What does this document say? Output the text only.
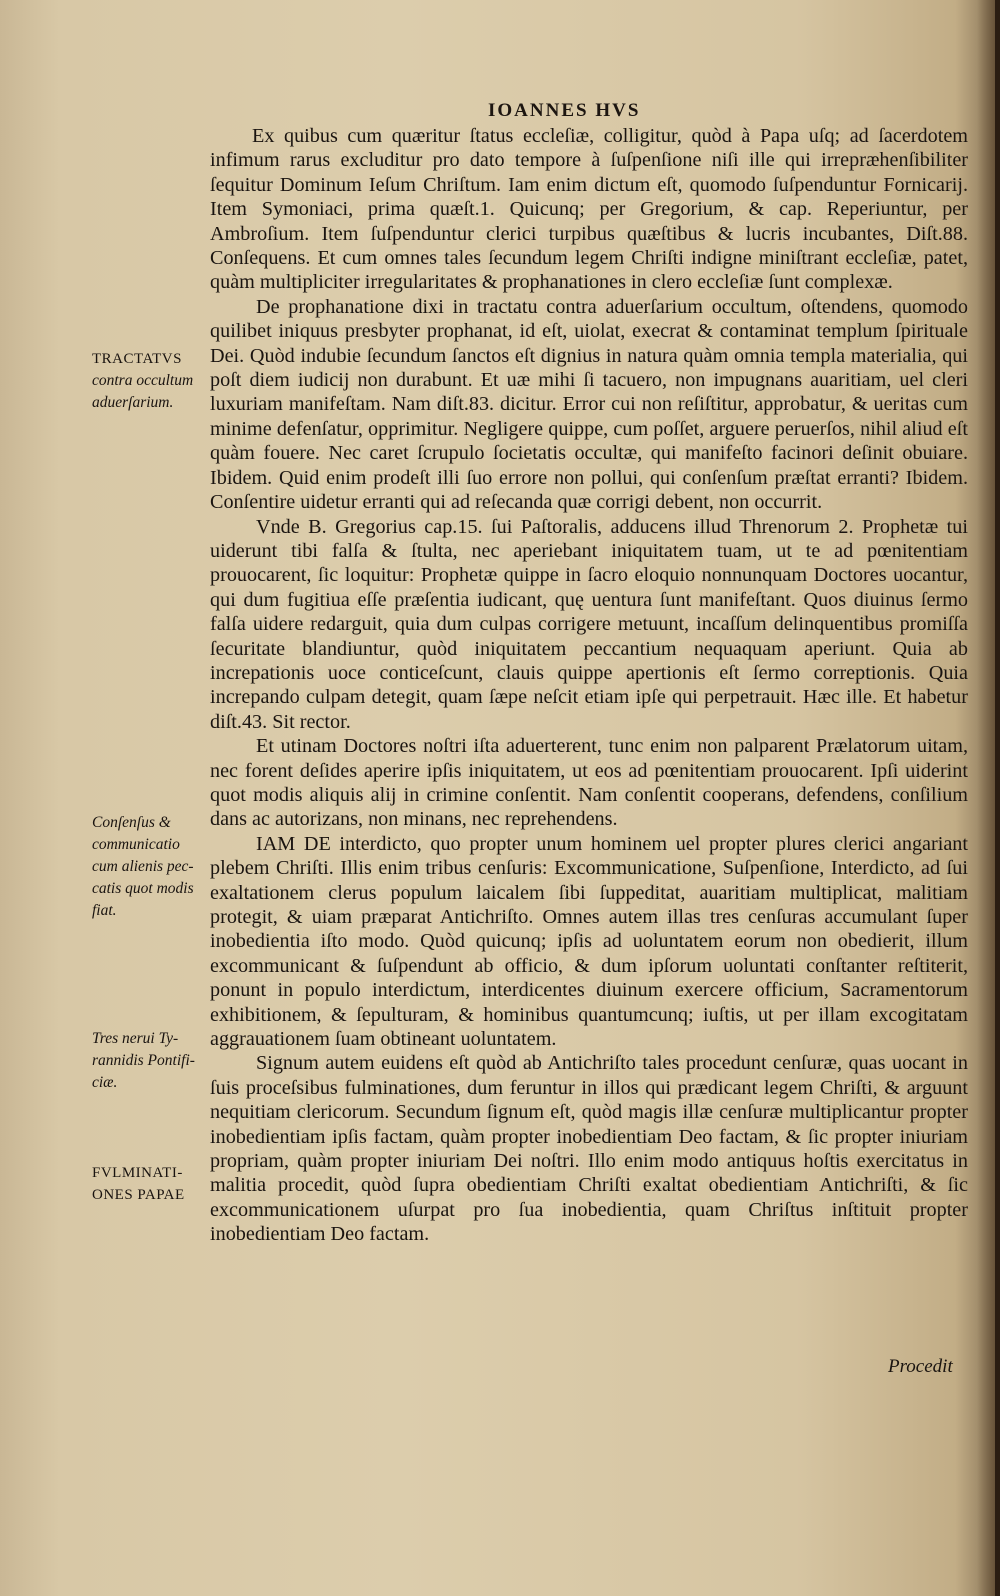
IOANNES HVS

Ex quibus cum quæritur ſtatus eccleſiæ, colligitur, quòd à Papa uſq; ad ſacerdotem infimum rarus excluditur pro dato tempore à ſuſpenſione niſi ille qui irrepræhenſibiliter ſequitur Dominum Ieſum Chriſtum. Iam enim dictum eſt, quomodo ſuſpenduntur Fornicarij. Item Symoniaci, prima quæſt.1. Quicunq; per Gregorium, & cap. Reperiuntur, per Ambroſium. Item ſuſpenduntur clerici turpibus quæſtibus & lucris incubantes, Diſt.88. Conſequens. Et cum omnes tales ſecundum legem Chriſti indigne miniſtrant eccleſiæ, patet, quàm multipliciter irregularitates & prophanationes in clero eccleſiæ ſunt complexæ.

De prophanatione dixi in tractatu contra aduerſarium occultum, oſtendens, quomodo quilibet iniquus presbyter prophanat, id eſt, uiolat, execrat & contaminat templum ſpirituale Dei. Quòd indubie ſecundum ſanctos eſt dignius in natura quàm omnia templa materialia, qui poſt diem iudicij non durabunt. Et uæ mihi ſi tacuero, non impugnans auaritiam, uel cleri luxuriam manifeſtam. Nam diſt.83. dicitur. Error cui non reſiſtitur, approbatur, & ueritas cum minime defenſatur, opprimitur. Negligere quippe, cum poſſet, arguere peruerſos, nihil aliud eſt quàm fouere. Nec caret ſcrupulo ſocietatis occultæ, qui manifeſto facinori deſinit obuiare. Ibidem. Quid enim prodeſt illi ſuo errore non pollui, qui conſenſum præſtat erranti? Ibidem. Conſentire uidetur erranti qui ad reſecanda quæ corrigi debent, non occurrit.

Vnde B. Gregorius cap.15. ſui Paſtoralis, adducens illud Threnorum 2. Prophetæ tui uiderunt tibi falſa & ſtulta, nec aperiebant iniquitatem tuam, ut te ad pœnitentiam prouocarent, ſic loquitur: Prophetæ quippe in ſacro eloquio nonnunquam Doctores uocantur, qui dum fugitiua eſſe præſentia iudicant, quę uentura ſunt manifeſtant. Quos diuinus ſermo falſa uidere redarguit, quia dum culpas corrigere metuunt, incaſſum delinquentibus promiſſa ſecuritate blandiuntur, quòd iniquitatem peccantium nequaquam aperiunt. Quia ab increpationis uoce conticeſcunt, clauis quippe apertionis eſt ſermo correptionis. Quia increpando culpam detegit, quam ſæpe neſcit etiam ipſe qui perpetrauit. Hæc ille. Et habetur diſt.43. Sit rector.

Et utinam Doctores noſtri iſta aduerterent, tunc enim non palparent Prælatorum uitam, nec forent deſides aperire ipſis iniquitatem, ut eos ad pœnitentiam prouocarent. Ipſi uiderint quot modis aliquis alij in crimine conſentit. Nam conſentit cooperans, defendens, conſilium dans ac autorizans, non minans, nec reprehendens.

IAM DE interdicto, quo propter unum hominem uel propter plures clerici angariant plebem Chriſti. Illis enim tribus cenſuris: Excommunicatione, Suſpenſione, Interdicto, ad ſui exaltationem clerus populum laicalem ſibi ſuppeditat, auaritiam multiplicat, malitiam protegit, & uiam præparat Antichriſto. Omnes autem illas tres cenſuras accumulant ſuper inobedientia iſto modo. Quòd quicunq; ipſis ad uoluntatem eorum non obedierit, illum excommunicant & ſuſpendunt ab officio, & dum ipſorum uoluntati conſtanter reſtiterit, ponunt in populo interdictum, interdicentes diuinum exercere officium, Sacramentorum exhibitionem, & ſepulturam, & hominibus quantumcunq; iuſtis, ut per illam excogitatam aggrauationem ſuam obtineant uoluntatem.

Signum autem euidens eſt quòd ab Antichriſto tales procedunt cenſuræ, quas uocant in ſuis proceſsibus fulminationes, dum feruntur in illos qui prædicant legem Chriſti, & arguunt nequitiam clericorum. Secundum ſignum eſt, quòd magis illæ cenſuræ multiplicantur propter inobedientiam ipſis factam, quàm propter inobedientiam Deo factam, & ſic propter iniuriam propriam, quàm propter iniuriam Dei noſtri. Illo enim modo antiquus hoſtis exercitatus in malitia procedit, quòd ſupra obedientiam Chriſti exaltat obedientiam Antichriſti, & ſic excommunicationem uſurpat pro ſua inobedientia, quam Chriſtus inſtituit propter inobedientiam Deo factam.

TRACTATVS
contra occultum
aduerſarium.
Conſenſus &
communicatio
cum alienis pec-
catis quot modis
fiat.
Tres nerui Ty-
rannidis Pontifi-
ciæ.
FVLMINATI-
ONES PAPAE
Procedit
